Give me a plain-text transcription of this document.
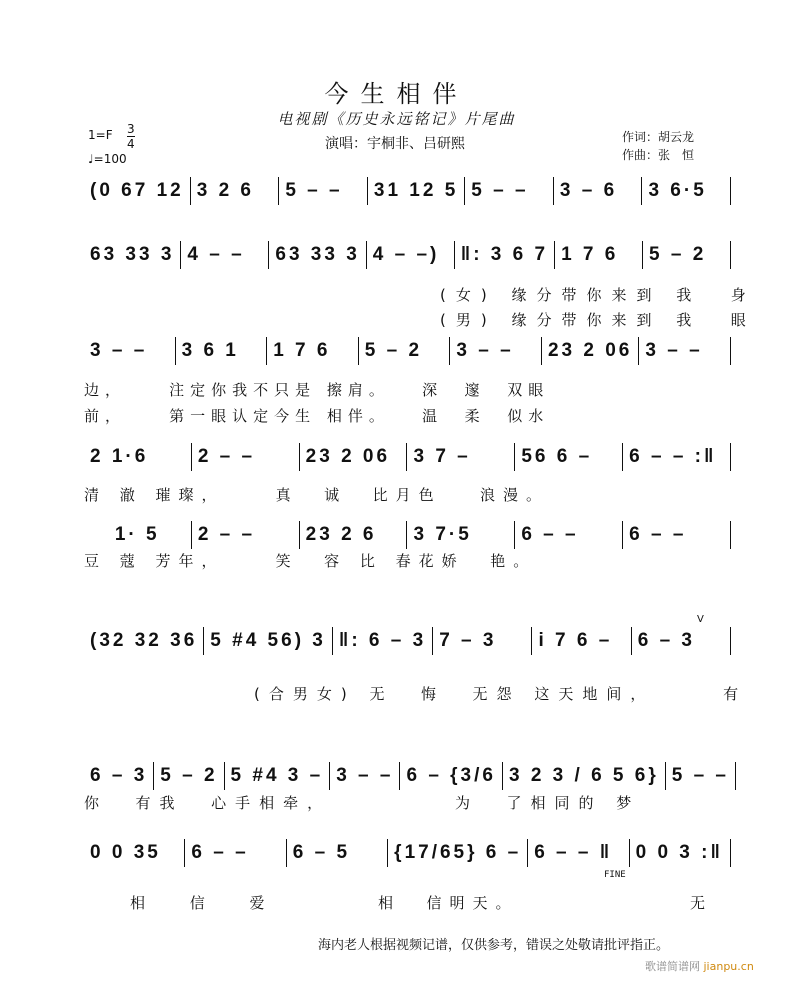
今生相伴
电视剧《历史永远铭记》片尾曲
演唱：宇桐非、吕研熙	作词：胡云龙
作曲：张　恒
1=F 3
4
♩=100
(0 67 12 3 2 6	5 – –	31 12 5 5 – –	3 – 6	3 6·5
63 33 3 4 – –	63 33 3 4 – –)	‖: 3 6 7 1 7 6	5 – 2
3 – –	3 6 1	1 7 6	5 – 2	3 – –	23 2 06 3 – –
2 1·6	2 – –	23 2 06	3 7 –	56 6 –	6 – – :‖
1· 5	2 – –	23 2 6	3 7·5	6 – –	6 – –
(32 32 36 5 #4 56) 3 ‖: 6 – 3 7 – 3	i 7 6 –	6 – 3
6 – 3 5 – 2 5 #4 3 – 3 – – 6 – {3/6 3 2 3 / 6 5 6} 5 – –
0 0 35	6 – –	6 – 5	{17/65} 6 – 6 – – ‖	0 0 3 :‖
(女) 缘分带你来到 我  身
(男) 缘分带你来到 我  眼
边，    注定你我不只是 擦肩。   深  邃  双眼
前，    第一眼认定今生 相伴。   温  柔  似水
清 澈 璀璨，    真  诚  比月色   浪漫。
豆 蔻 芳年，    笑  容 比 春花娇  艳。
(合男女) 无  悔  无怨 这天地间，     有
你  有我  心手相牵，         为  了相同的 梦
相 信 爱	相  信明天。	无
FINE
V
海内老人根据视频记谱，仅供参考，错误之处敬请批评指正。
歌谱简谱网 jianpu.cn
